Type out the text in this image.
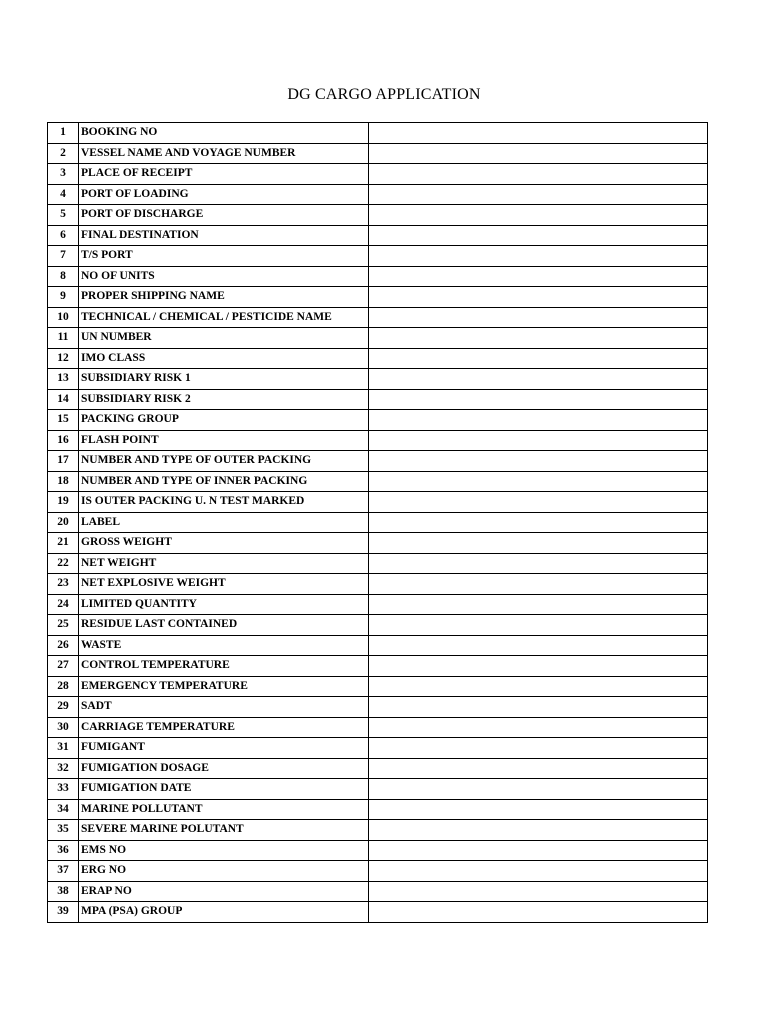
DG CARGO APPLICATION
1	BOOKING NO	
2	VESSEL NAME AND VOYAGE NUMBER	
3	PLACE OF RECEIPT	
4	PORT OF LOADING	
5	PORT OF DISCHARGE	
6	FINAL DESTINATION	
7	T/S PORT	
8	NO OF UNITS	
9	PROPER SHIPPING NAME	
10	TECHNICAL / CHEMICAL / PESTICIDE NAME	
11	UN NUMBER	
12	IMO CLASS	
13	SUBSIDIARY RISK 1	
14	SUBSIDIARY RISK 2	
15	PACKING GROUP	
16	FLASH POINT	
17	NUMBER AND TYPE OF OUTER PACKING	
18	NUMBER AND TYPE OF INNER PACKING	
19	IS OUTER PACKING U. N TEST MARKED	
20	LABEL	
21	GROSS WEIGHT	
22	NET WEIGHT	
23	NET EXPLOSIVE WEIGHT	
24	LIMITED QUANTITY	
25	RESIDUE LAST CONTAINED	
26	WASTE	
27	CONTROL TEMPERATURE	
28	EMERGENCY TEMPERATURE	
29	SADT	
30	CARRIAGE TEMPERATURE	
31	FUMIGANT	
32	FUMIGATION DOSAGE	
33	FUMIGATION DATE	
34	MARINE POLLUTANT	
35	SEVERE MARINE POLUTANT	
36	EMS NO	
37	ERG NO	
38	ERAP NO	
39	MPA (PSA) GROUP	
